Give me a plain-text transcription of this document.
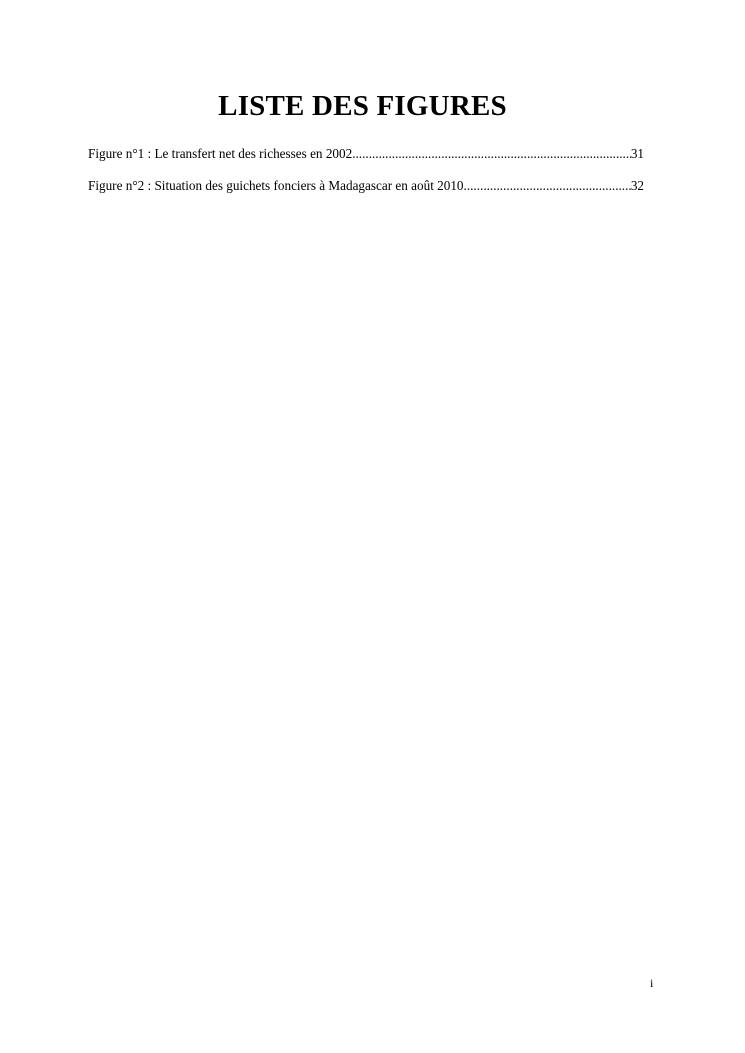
LISTE DES FIGURES
Figure n°1 : Le transfert net des richesses en 2002 .....	31
Figure n°2 : Situation des guichets fonciers à Madagascar en août 2010 .....	32
i
